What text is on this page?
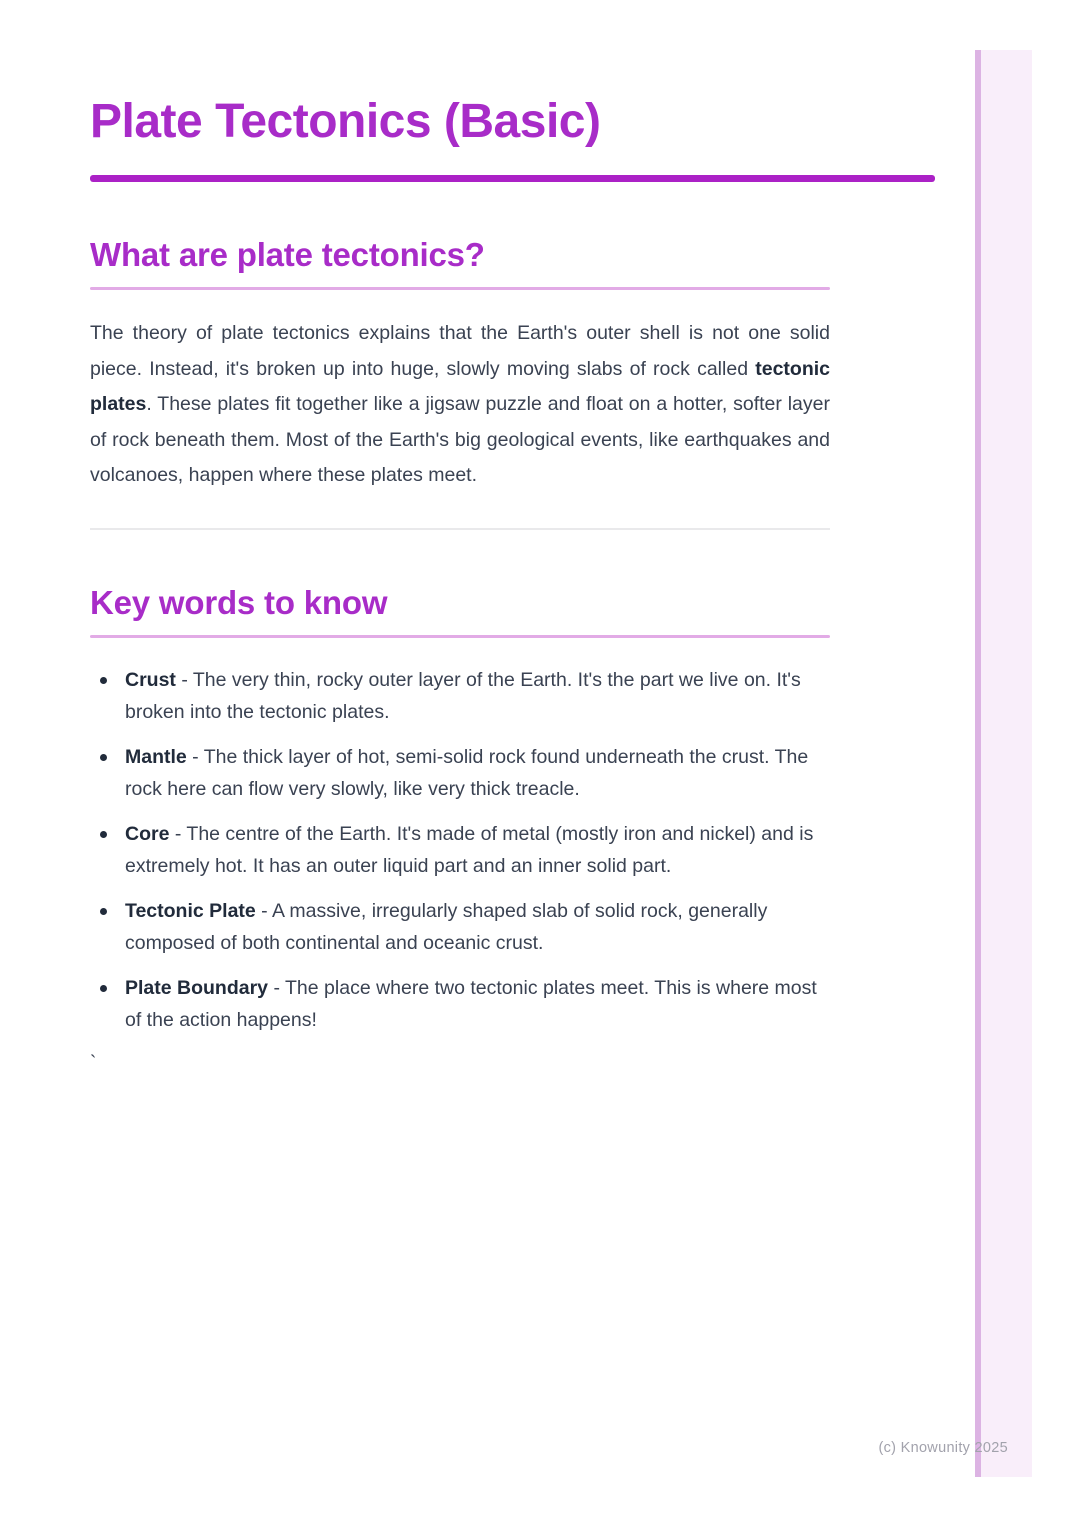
(c) Knowunity 2025
Plate Tectonics (Basic)
What are plate tectonics?

The theory of plate tectonics explains that the Earth's outer shell is not one solid piece. Instead, it's broken up into huge, slowly moving slabs of rock called tectonic plates. These plates fit together like a jigsaw puzzle and float on a hotter, softer layer of rock beneath them. Most of the Earth's big geological events, like earthquakes and volcanoes, happen where these plates meet.

Key words to know
Crust - The very thin, rocky outer layer of the Earth. It's the part we live on. It's broken into the tectonic plates.
Mantle - The thick layer of hot, semi-solid rock found underneath the crust. The rock here can flow very slowly, like very thick treacle.
Core - The centre of the Earth. It's made of metal (mostly iron and nickel) and is extremely hot. It has an outer liquid part and an inner solid part.
Tectonic Plate - A massive, irregularly shaped slab of solid rock, generally composed of both continental and oceanic crust.
Plate Boundary - The place where two tectonic plates meet. This is where most of the action happens!
`
